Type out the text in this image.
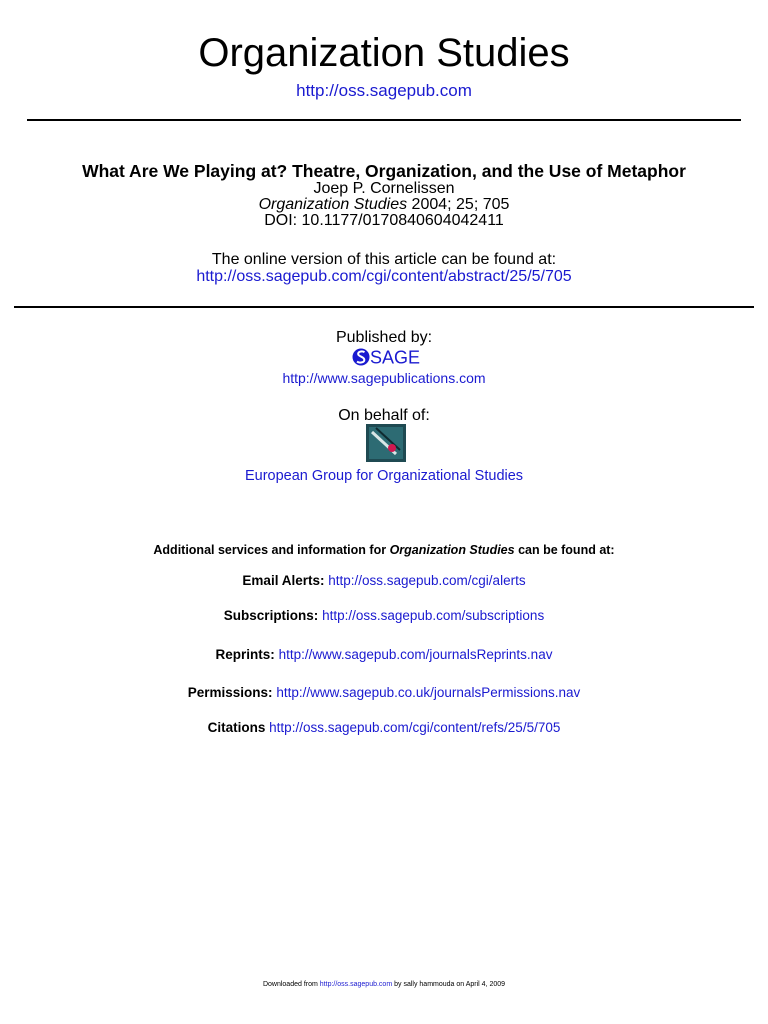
Organization Studies
http://oss.sagepub.com
What Are We Playing at? Theatre, Organization, and the Use of Metaphor
Joep P. Cornelissen
Organization Studies 2004; 25; 705
DOI: 10.1177/0170840604042411
The online version of this article can be found at:
http://oss.sagepub.com/cgi/content/abstract/25/5/705
Published by:
SAGE
http://www.sagepublications.com
On behalf of:
European Group for Organizational Studies
Additional services and information for Organization Studies can be found at:
Email Alerts: http://oss.sagepub.com/cgi/alerts
Subscriptions: http://oss.sagepub.com/subscriptions
Reprints: http://www.sagepub.com/journalsReprints.nav
Permissions: http://www.sagepub.co.uk/journalsPermissions.nav
Citations http://oss.sagepub.com/cgi/content/refs/25/5/705
Downloaded from http://oss.sagepub.com by sally hammouda on April 4, 2009
